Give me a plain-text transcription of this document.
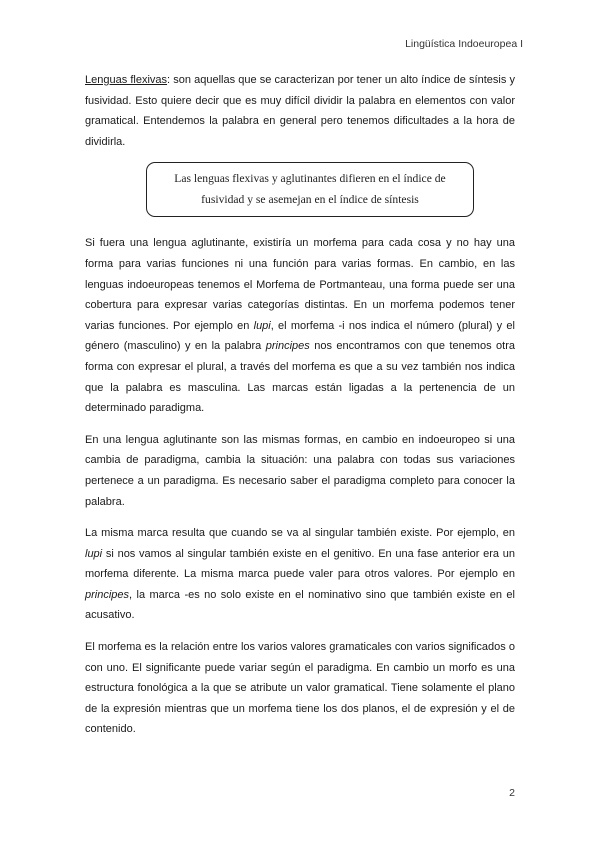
Lingüística Indoeuropea I

Lenguas flexivas: son aquellas que se caracterizan por tener un alto índice de síntesis y fusividad. Esto quiere decir que es muy difícil dividir la palabra en elementos con valor gramatical. Entendemos la palabra en general pero tenemos dificultades a la hora de dividirla.

Las lenguas flexivas y aglutinantes difieren en el índice de fusividad y se asemejan en el índice de síntesis

Si fuera una lengua aglutinante, existiría un morfema para cada cosa y no hay una forma para varias funciones ni una función para varias formas. En cambio, en las lenguas indoeuropeas tenemos el Morfema de Portmanteau, una forma puede ser una cobertura para expresar varias categorías distintas. En un morfema podemos tener varias funciones. Por ejemplo en lupi, el morfema -i nos indica el número (plural) y el género (masculino) y en la palabra principes nos encontramos con que tenemos otra forma con expresar el plural, a través del morfema es que a su vez también nos indica que la palabra es masculina. Las marcas están ligadas a la pertenencia de un determinado paradigma.

En una lengua aglutinante son las mismas formas, en cambio en indoeuropeo si una cambia de paradigma, cambia la situación: una palabra con todas sus variaciones pertenece a un paradigma. Es necesario saber el paradigma completo para conocer la palabra.

La misma marca resulta que cuando se va al singular también existe. Por ejemplo, en lupi si nos vamos al singular también existe en el genitivo. En una fase anterior era un morfema diferente. La misma marca puede valer para otros valores. Por ejemplo en principes, la marca -es no solo existe en el nominativo sino que también existe en el acusativo.

El morfema es la relación entre los varios valores gramaticales con varios significados o con uno. El significante puede variar según el paradigma. En cambio un morfo es una estructura fonológica a la que se atribute un valor gramatical. Tiene solamente el plano de la expresión mientras que un morfema tiene los dos planos, el de expresión y el de contenido.

2
